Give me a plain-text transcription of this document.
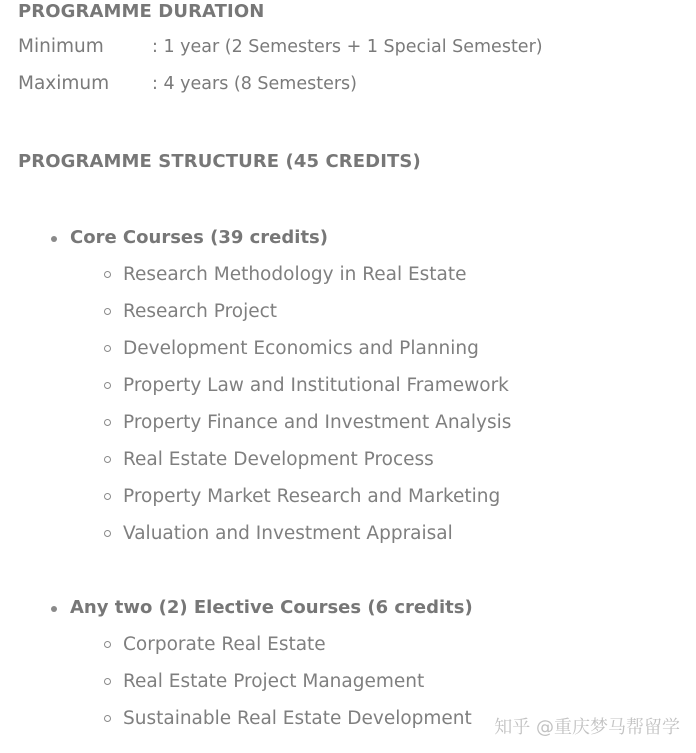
PROGRAMME DURATION
Minimum	: 1 year (2 Semesters + 1 Special Semester)
Maximum : 4 years (8 Semesters)
PROGRAMME STRUCTURE (45 CREDITS)
Core Courses (39 credits)
Research Methodology in Real Estate
Research Project
Development Economics and Planning
Property Law and Institutional Framework
Property Finance and Investment Analysis
Real Estate Development Process
Property Market Research and Marketing
Valuation and Investment Appraisal
Any two (2) Elective Courses (6 credits)
Corporate Real Estate
Real Estate Project Management
Sustainable Real Estate Development 知乎 @重庆梦马帮留学
